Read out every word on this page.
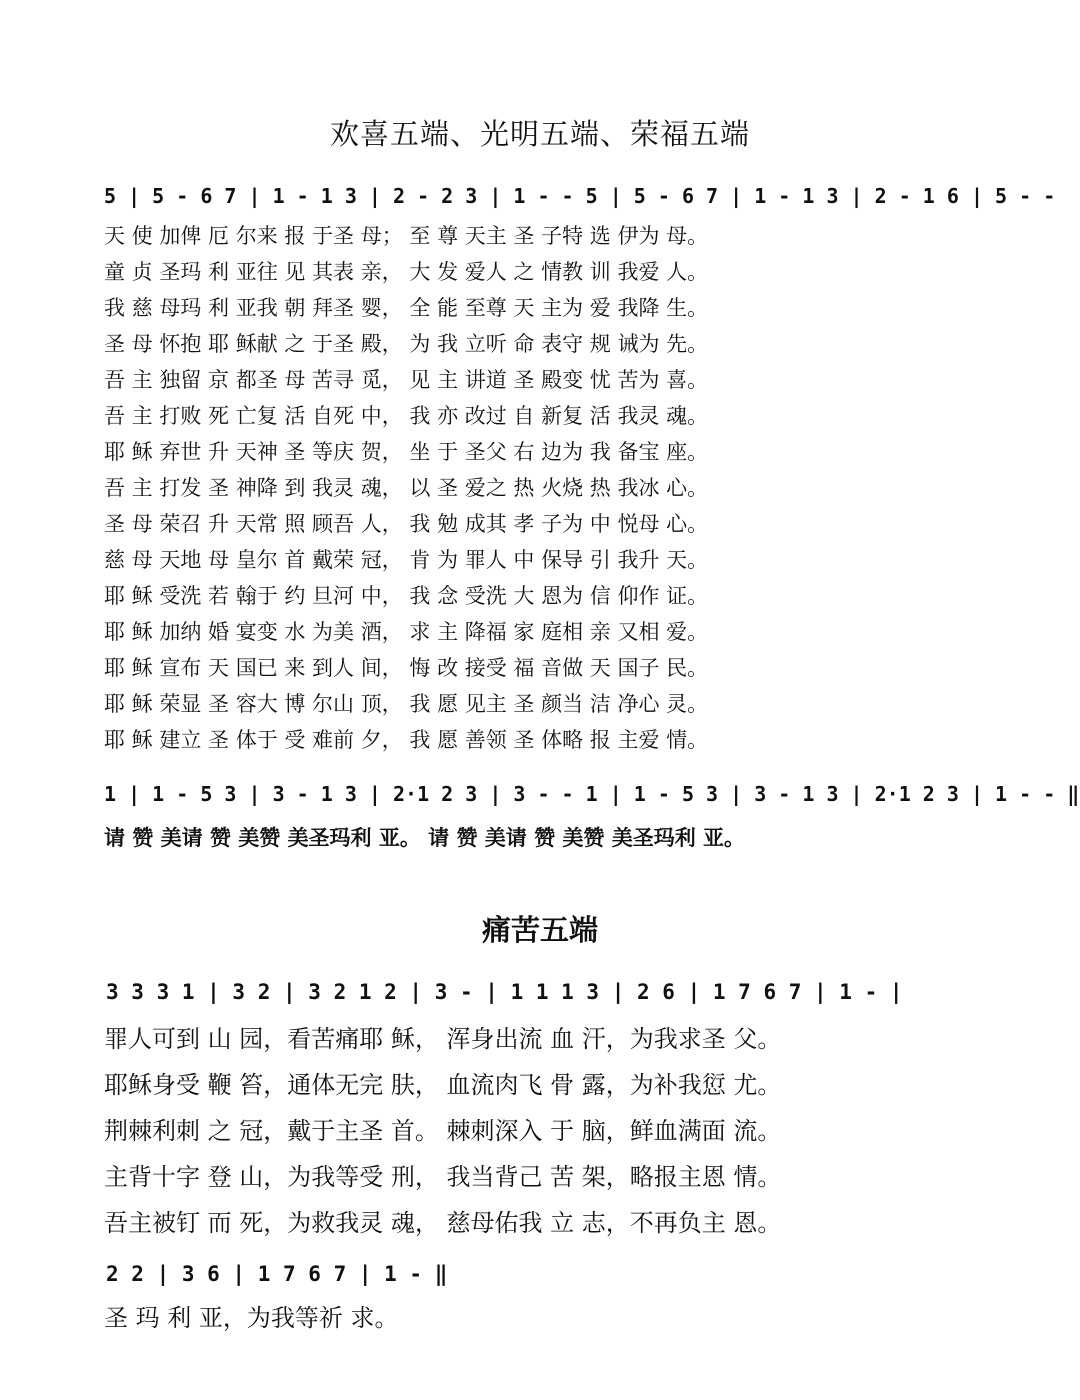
欢喜五端、光明五端、荣福五端
5 | 5 - 6 7 | 1 - 1 3 | 2 - 2 3 | 1 - - 5 | 5 - 6 7 | 1 - 1 3 | 2 - 1 6 | 5 - -
天 使 加俾 厄 尔来 报 于圣 母； 至 尊 天主 圣 子特 选 伊为 母。
童 贞 圣玛 利 亚往 见 其表 亲， 大 发 爱人 之 情教 训 我爱 人。
我 慈 母玛 利 亚我 朝 拜圣 婴， 全 能 至尊 天 主为 爱 我降 生。
圣 母 怀抱 耶 稣献 之 于圣 殿， 为 我 立听 命 表守 规 诫为 先。
吾 主 独留 京 都圣 母 苦寻 觅， 见 主 讲道 圣 殿变 忧 苦为 喜。
吾 主 打败 死 亡复 活 自死 中， 我 亦 改过 自 新复 活 我灵 魂。
耶 稣 弃世 升 天神 圣 等庆 贺， 坐 于 圣父 右 边为 我 备宝 座。
吾 主 打发 圣 神降 到 我灵 魂， 以 圣 爱之 热 火烧 热 我冰 心。
圣 母 荣召 升 天常 照 顾吾 人， 我 勉 成其 孝 子为 中 悦母 心。
慈 母 天地 母 皇尔 首 戴荣 冠， 肯 为 罪人 中 保导 引 我升 天。
耶 稣 受洗 若 翰于 约 旦河 中， 我 念 受洗 大 恩为 信 仰作 证。
耶 稣 加纳 婚 宴变 水 为美 酒， 求 主 降福 家 庭相 亲 又相 爱。
耶 稣 宣布 天 国已 来 到人 间， 悔 改 接受 福 音做 天 国子 民。
耶 稣 荣显 圣 容大 博 尔山 顶， 我 愿 见主 圣 颜当 洁 净心 灵。
耶 稣 建立 圣 体于 受 难前 夕， 我 愿 善领 圣 体略 报 主爱 情。
1 | 1 - 5 3 | 3 - 1 3 | 2·1 2 3 | 3 - - 1 | 1 - 5 3 | 3 - 1 3 | 2·1 2 3 | 1 - - ‖
请 赞 美请 赞 美赞 美圣玛利 亚。 请 赞 美请 赞 美赞 美圣玛利 亚。
痛苦五端
3 3 3 1 | 3 2 | 3 2 1 2 | 3 - | 1 1 1 3 | 2 6 | 1 7 6 7 | 1 - |
罪人可到 山 园，看苦痛耶 稣， 浑身出流 血 汗，为我求圣 父。
耶稣身受 鞭 笞，通体无完 肤， 血流肉飞 骨 露，为补我愆 尤。
荆棘利刺 之 冠，戴于主圣 首。 棘刺深入 于 脑，鲜血满面 流。
主背十字 登 山，为我等受 刑， 我当背己 苦 架，略报主恩 情。
吾主被钉 而 死，为救我灵 魂， 慈母佑我 立 志，不再负主 恩。
2 2 | 3 6 | 1 7 6 7 | 1 - ‖
圣 玛 利 亚，为我等祈 求。
